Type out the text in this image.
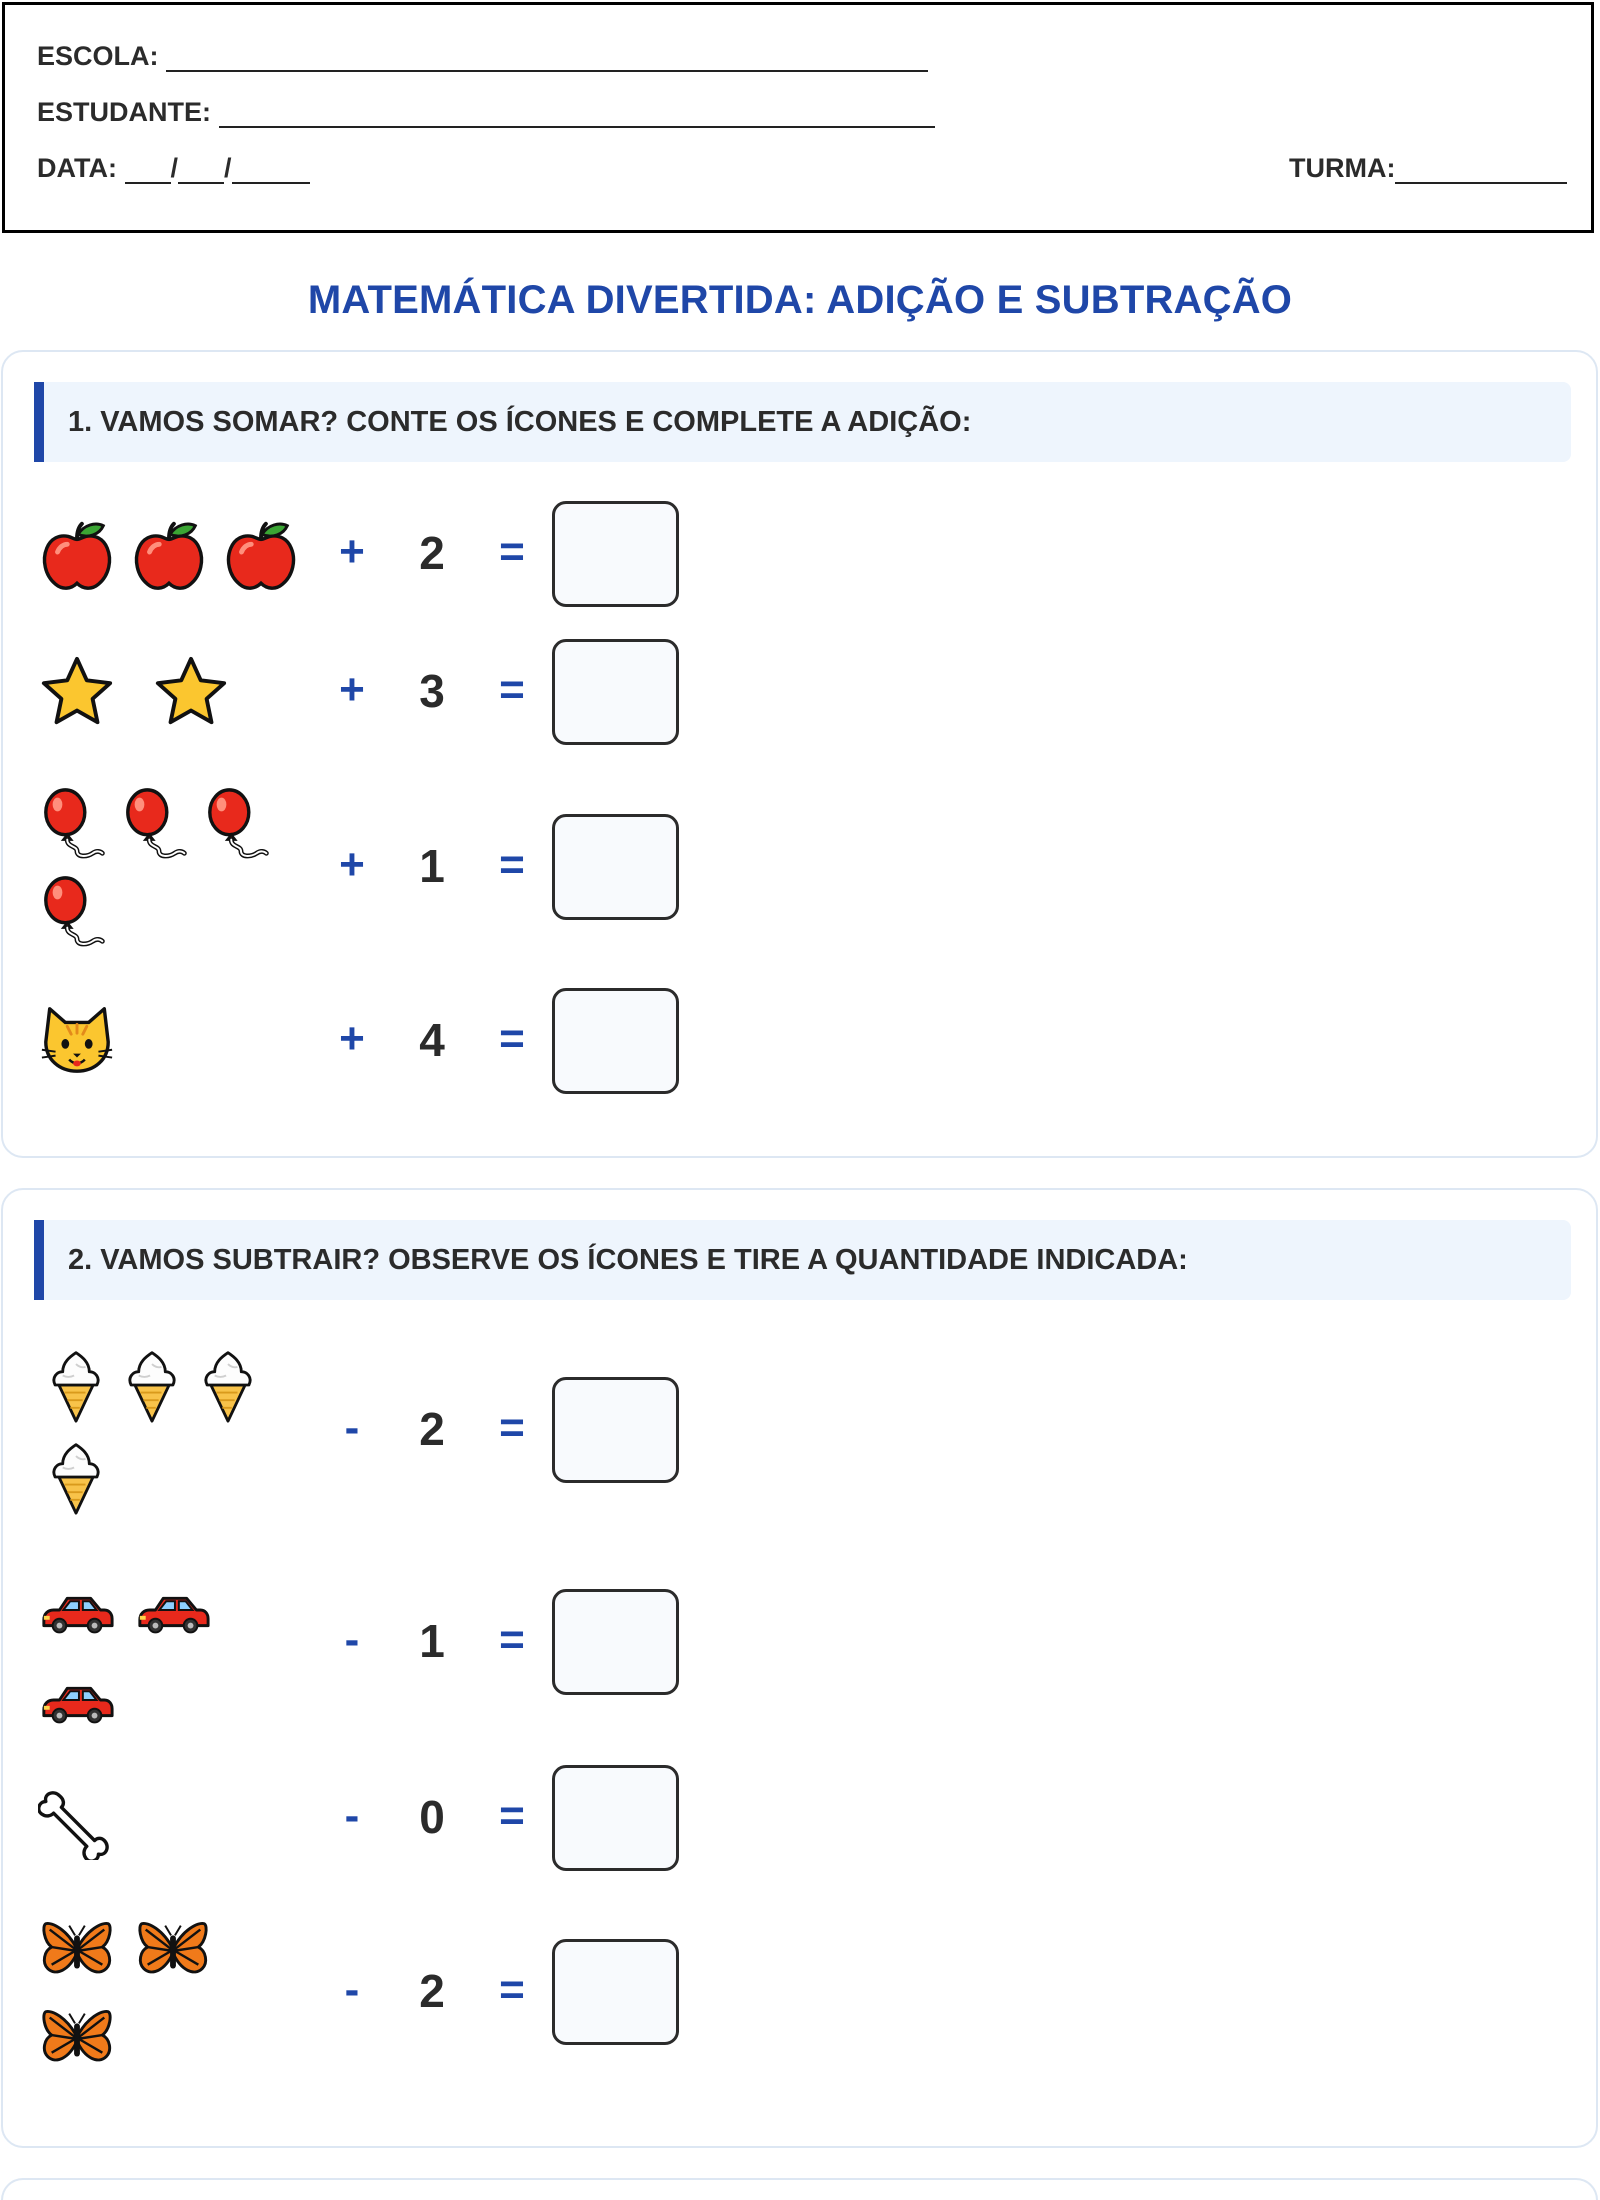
ESCOLA:
ESTUDANTE:
DATA: / /	TURMA:
MATEMÁTICA DIVERTIDA: ADIÇÃO E SUBTRAÇÃO
1. VAMOS SOMAR? CONTE OS ÍCONES E COMPLETE A ADIÇÃO:
+	2	=
+	3	=
+	1	=
+	4	=
2. VAMOS SUBTRAIR? OBSERVE OS ÍCONES E TIRE A QUANTIDADE INDICADA:
-	2	=
-	1	=
-	0	=
-	2	=
